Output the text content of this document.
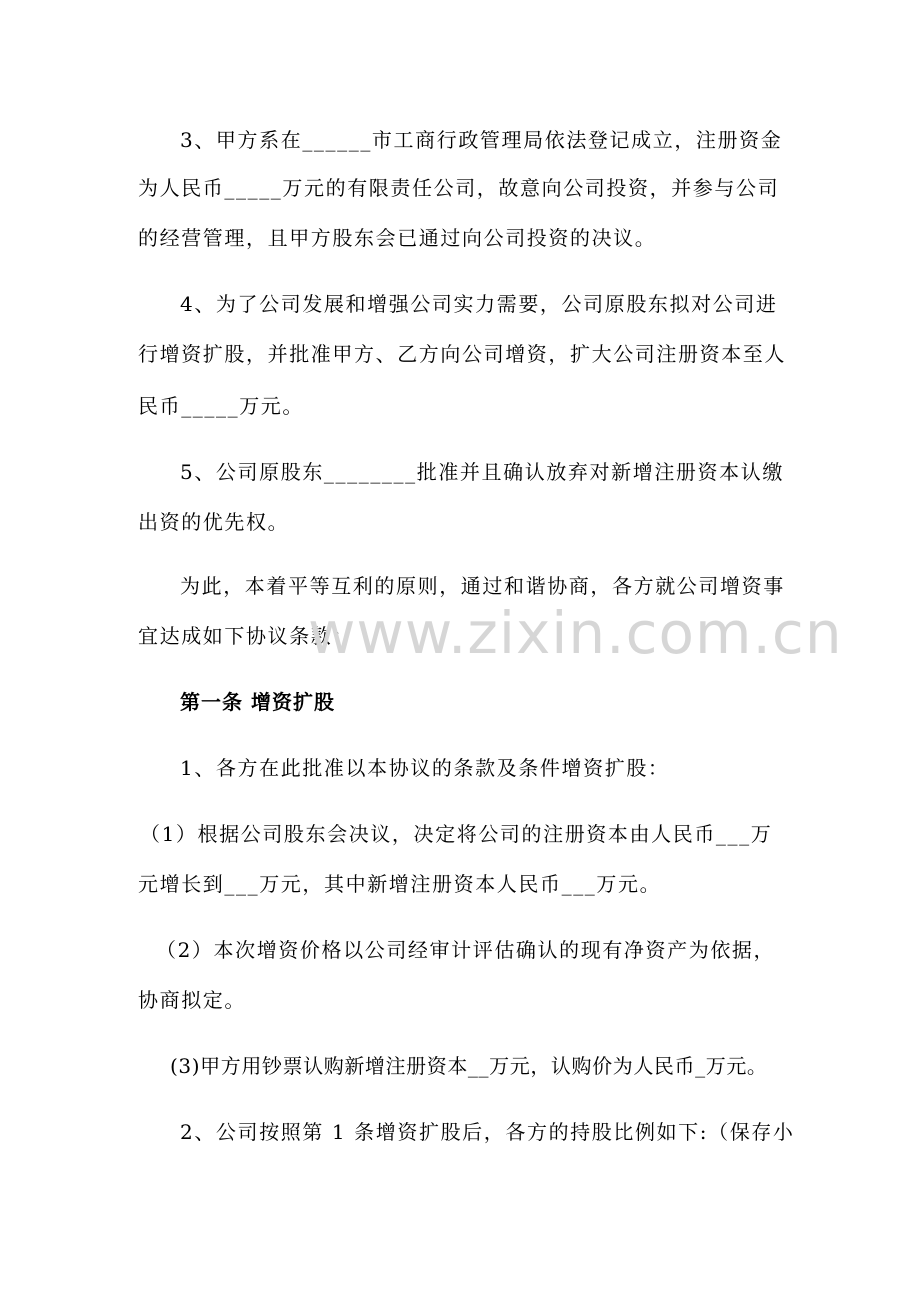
3、甲方系在______市工商行政管理局依法登记成立，注册资金
为人民币_____万元的有限责任公司，故意向公司投资，并参与公司
的经营管理，且甲方股东会已通过向公司投资的决议。
4、为了公司发展和增强公司实力需要，公司原股东拟对公司进
行增资扩股，并批准甲方、乙方向公司增资，扩大公司注册资本至人
民币_____万元。
5、公司原股东________批准并且确认放弃对新增注册资本认缴
出资的优先权。
为此，本着平等互利的原则，通过和谐协商，各方就公司增资事
宜达成如下协议条款：
第一条 增资扩股
1、各方在此批准以本协议的条款及条件增资扩股：
（1）根据公司股东会决议，决定将公司的注册资本由人民币___万
元增长到___万元，其中新增注册资本人民币___万元。
（2）本次增资价格以公司经审计评估确认的现有净资产为依据，
协商拟定。
(3)甲方用钞票认购新增注册资本__万元，认购价为人民币_万元。
2、公司按照第 1 条增资扩股后，各方的持股比例如下:（保存小
www.zixin.com.cn
